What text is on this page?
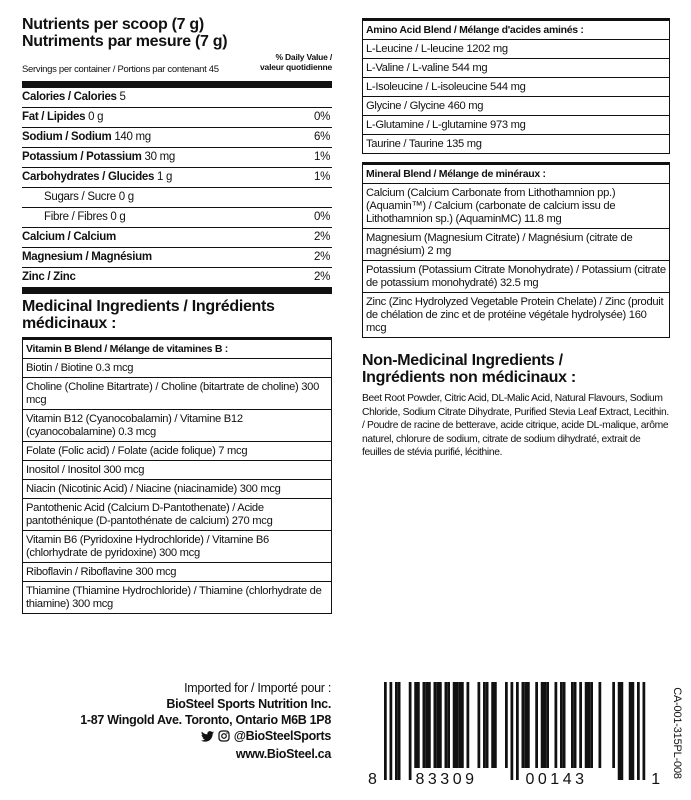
Nutrients per scoop (7 g)
Nutriments par mesure (7 g)
% Daily Value /
valeur quotidienne
Servings per container / Portions par contenant 45
Calories / Calories 5
Fat / Lipides 0 g	0%
Sodium / Sodium 140 mg	6%
Potassium / Potassium 30 mg	1%
Carbohydrates / Glucides 1 g	1%
Sugars / Sucre 0 g
Fibre / Fibres 0 g	0%
Calcium / Calcium	2%
Magnesium / Magnésium	2%
Zinc / Zinc	2%
Medicinal Ingredients / Ingrédients
médicinaux :
Vitamin B Blend / Mélange de vitamines B :
Biotin / Biotine 0.3 mcg
Choline (Choline Bitartrate) / Choline (bitartrate de choline) 300 mcg
Vitamin B12 (Cyanocobalamin) / Vitamine B12 (cyanocobalamine) 0.3 mcg
Folate (Folic acid) / Folate (acide folique) 7 mcg
Inositol / Inositol 300 mcg
Niacin (Nicotinic Acid) / Niacine (niacinamide) 300 mcg
Pantothenic Acid (Calcium D-Pantothenate) / Acide pantothénique (D-pantothénate de calcium) 270 mcg
Vitamin B6 (Pyridoxine Hydrochloride) / Vitamine B6 (chlorhydrate de pyridoxine) 300 mcg
Riboflavin / Riboflavine 300 mcg
Thiamine (Thiamine Hydrochloride) / Thiamine (chlorhydrate de thiamine) 300 mcg
Amino Acid Blend / Mélange d'acides aminés :
L-Leucine / L-leucine 1202 mg
L-Valine / L-valine 544 mg
L-Isoleucine / L-isoleucine 544 mg
Glycine / Glycine 460 mg
L-Glutamine / L-glutamine 973 mg
Taurine / Taurine 135 mg
Mineral Blend / Mélange de minéraux :
Calcium (Calcium Carbonate from Lithothamnion pp.) (Aquamin™) / Calcium (carbonate de calcium issu de Lithothamnion sp.) (AquaminMC) 11.8 mg
Magnesium (Magnesium Citrate) / Magnésium (citrate de magnésium) 2 mg
Potassium (Potassium Citrate Monohydrate) / Potassium (citrate de potassium monohydraté) 32.5 mg
Zinc (Zinc Hydrolyzed Vegetable Protein Chelate) / Zinc (produit de chélation de zinc et de protéine végétale hydrolysée) 160 mcg
Non-Medicinal Ingredients /
Ingrédients non médicinaux :
Beet Root Powder, Citric Acid, DL-Malic Acid, Natural Flavours, Sodium Chloride, Sodium Citrate Dihydrate, Purified Stevia Leaf Extract, Lecithin. / Poudre de racine de betterave, acide citrique, acide DL-malique, arôme naturel, chlorure de sodium, citrate de sodium dihydraté, extrait de feuilles de stévia purifié, lécithine.
Imported for / Importé pour :
BioSteel Sports Nutrition Inc.
1-87 Wingold Ave. Toronto, Ontario M6B 1P8
@BioSteelSports
www.BioSteel.ca
8 83309	00143	1
CA-001-315PL-008
